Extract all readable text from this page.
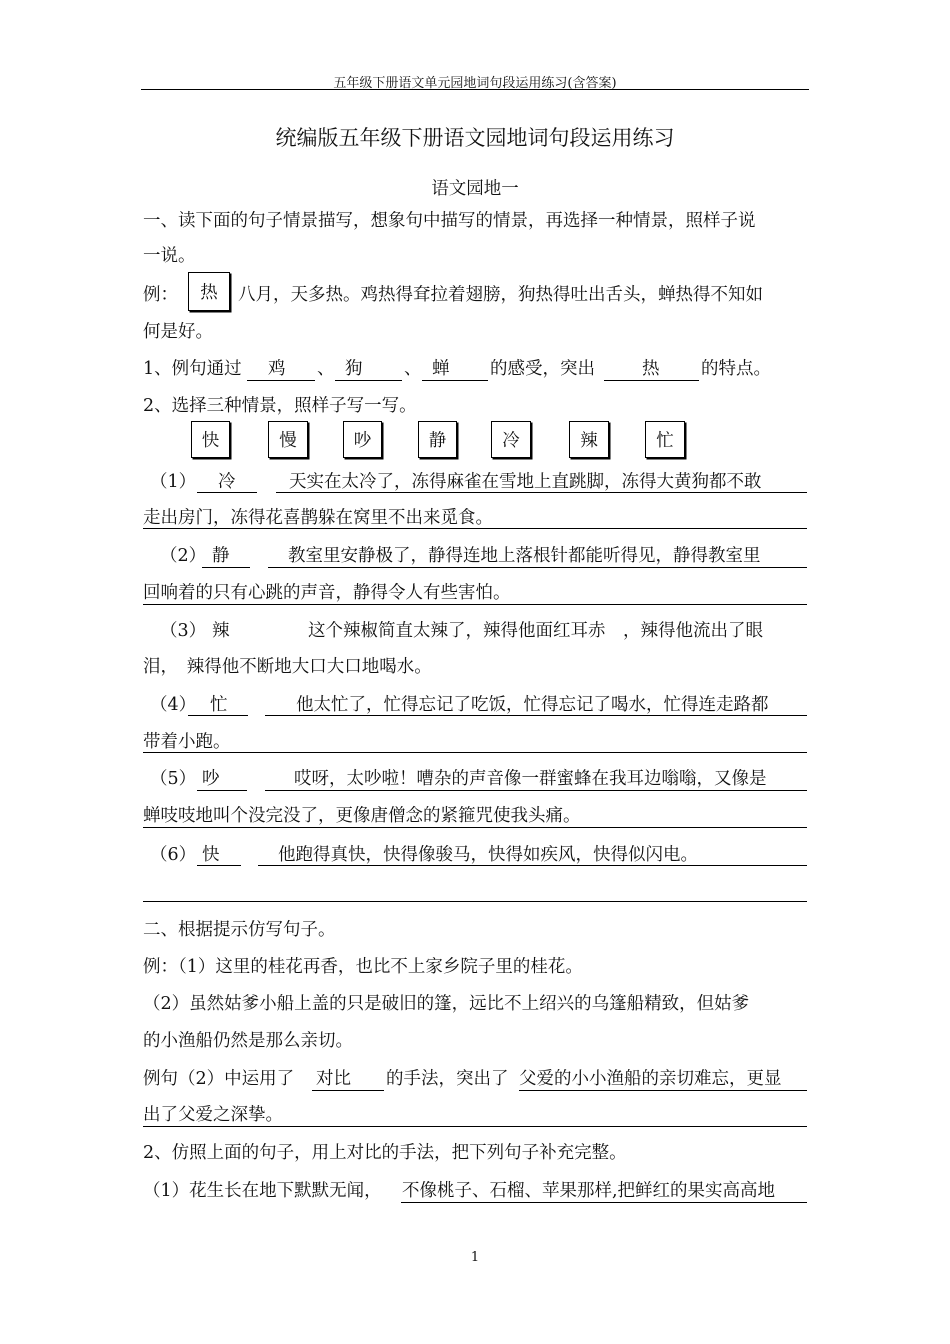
五年级下册语文单元园地词句段运用练习(含答案)
统编版五年级下册语文园地词句段运用练习
语文园地一
一、读下面的句子情景描写，想象句中描写的情景，再选择一种情景，照样子说
一说。
例： 热 八月，天多热。鸡热得耷拉着翅膀，狗热得吐出舌头，蝉热得不知如
何是好。
1、例句通过 鸡 、 狗 、 蝉 的感受，突出	热 的特点。
2、选择三种情景，照样子写一写。
快	慢	吵	静	冷	辣	忙
（1） 冷	天实在太冷了，冻得麻雀在雪地上直跳脚，冻得大黄狗都不敢
走出房门，冻得花喜鹊躲在窝里不出来觅食。
（2） 静	教室里安静极了，静得连地上落根针都能听得见，静得教室里
回响着的只有心跳的声音，静得令人有些害怕。
（3） 辣	这个辣椒简直太辣了，辣得他面红耳赤　，辣得他流出了眼
泪，　辣得他不断地大口大口地喝水。
（4） 忙	他太忙了，忙得忘记了吃饭，忙得忘记了喝水，忙得连走路都
带着小跑。
（5） 吵	哎呀，太吵啦！嘈杂的声音像一群蜜蜂在我耳边嗡嗡，又像是
蝉吱吱地叫个没完没了，更像唐僧念的紧箍咒使我头痛。
（6） 快	他跑得真快，快得像骏马，快得如疾风，快得似闪电。
二、根据提示仿写句子。
例：（1）这里的桂花再香，也比不上家乡院子里的桂花。
（2）虽然姑爹小船上盖的只是破旧的篷，远比不上绍兴的乌篷船精致，但姑爹
的小渔船仍然是那么亲切。
例句（2）中运用了 对比 的手法，突出了 父爱的小小渔船的亲切难忘，更显
出了父爱之深挚。
2、仿照上面的句子，用上对比的手法，把下列句子补充完整。
（1）花生长在地下默默无闻， 不像桃子、石榴、苹果那样,把鲜红的果实高高地
1
